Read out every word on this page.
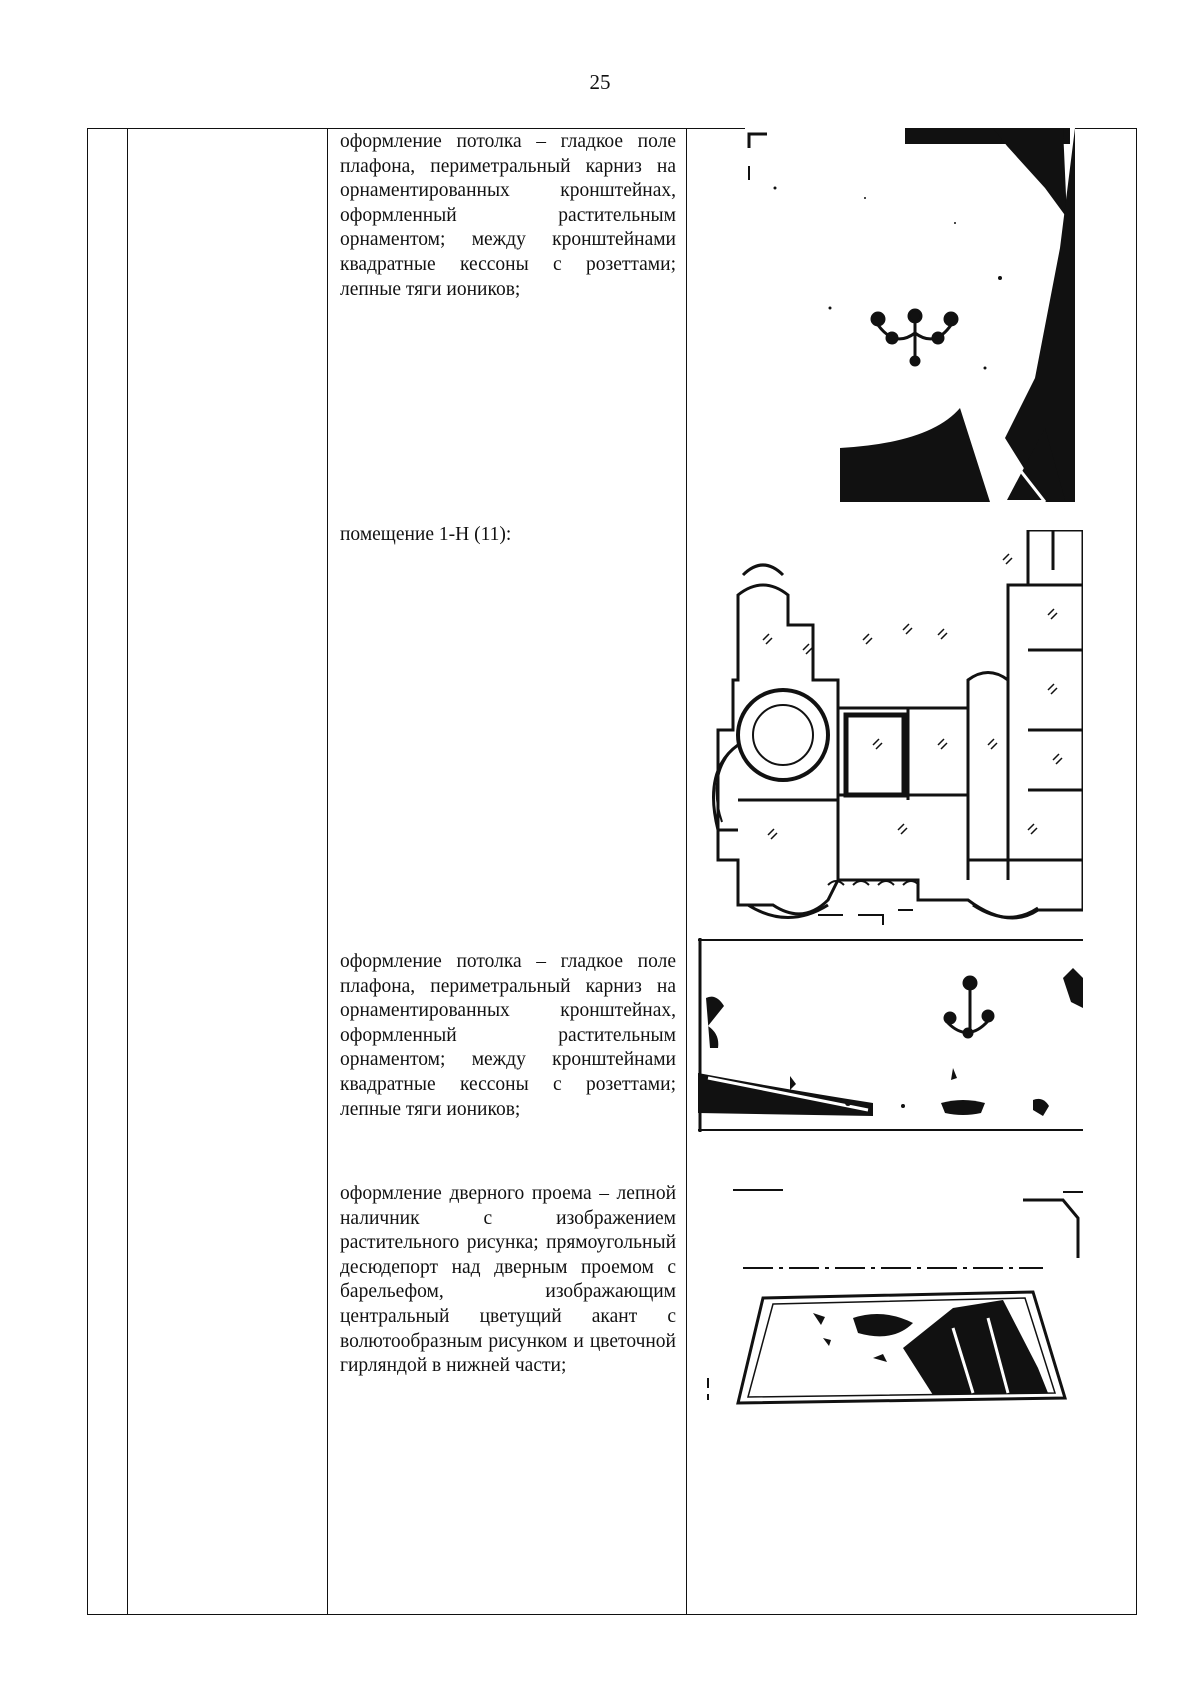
25
оформление потолка – гладкое поле плафона, периметральный карниз на орнаментированных кронштейнах, оформленный растительным орнаментом; между кронштейнами квадратные кессоны с розеттами; лепные тяги иоников;
помещение 1-Н (11):
оформление потолка – гладкое поле плафона, периметральный карниз на орнаментированных кронштейнах, оформленный растительным орнаментом; между кронштейнами квадратные кессоны с розеттами; лепные тяги иоников;
оформление дверного проема – лепной наличник с изображением растительного рисунка; прямоугольный десюдепорт над дверным проемом с барельефом, изображающим центральный цветущий акант с волютообразным рисунком и цветочной гирляндой в нижней части;
